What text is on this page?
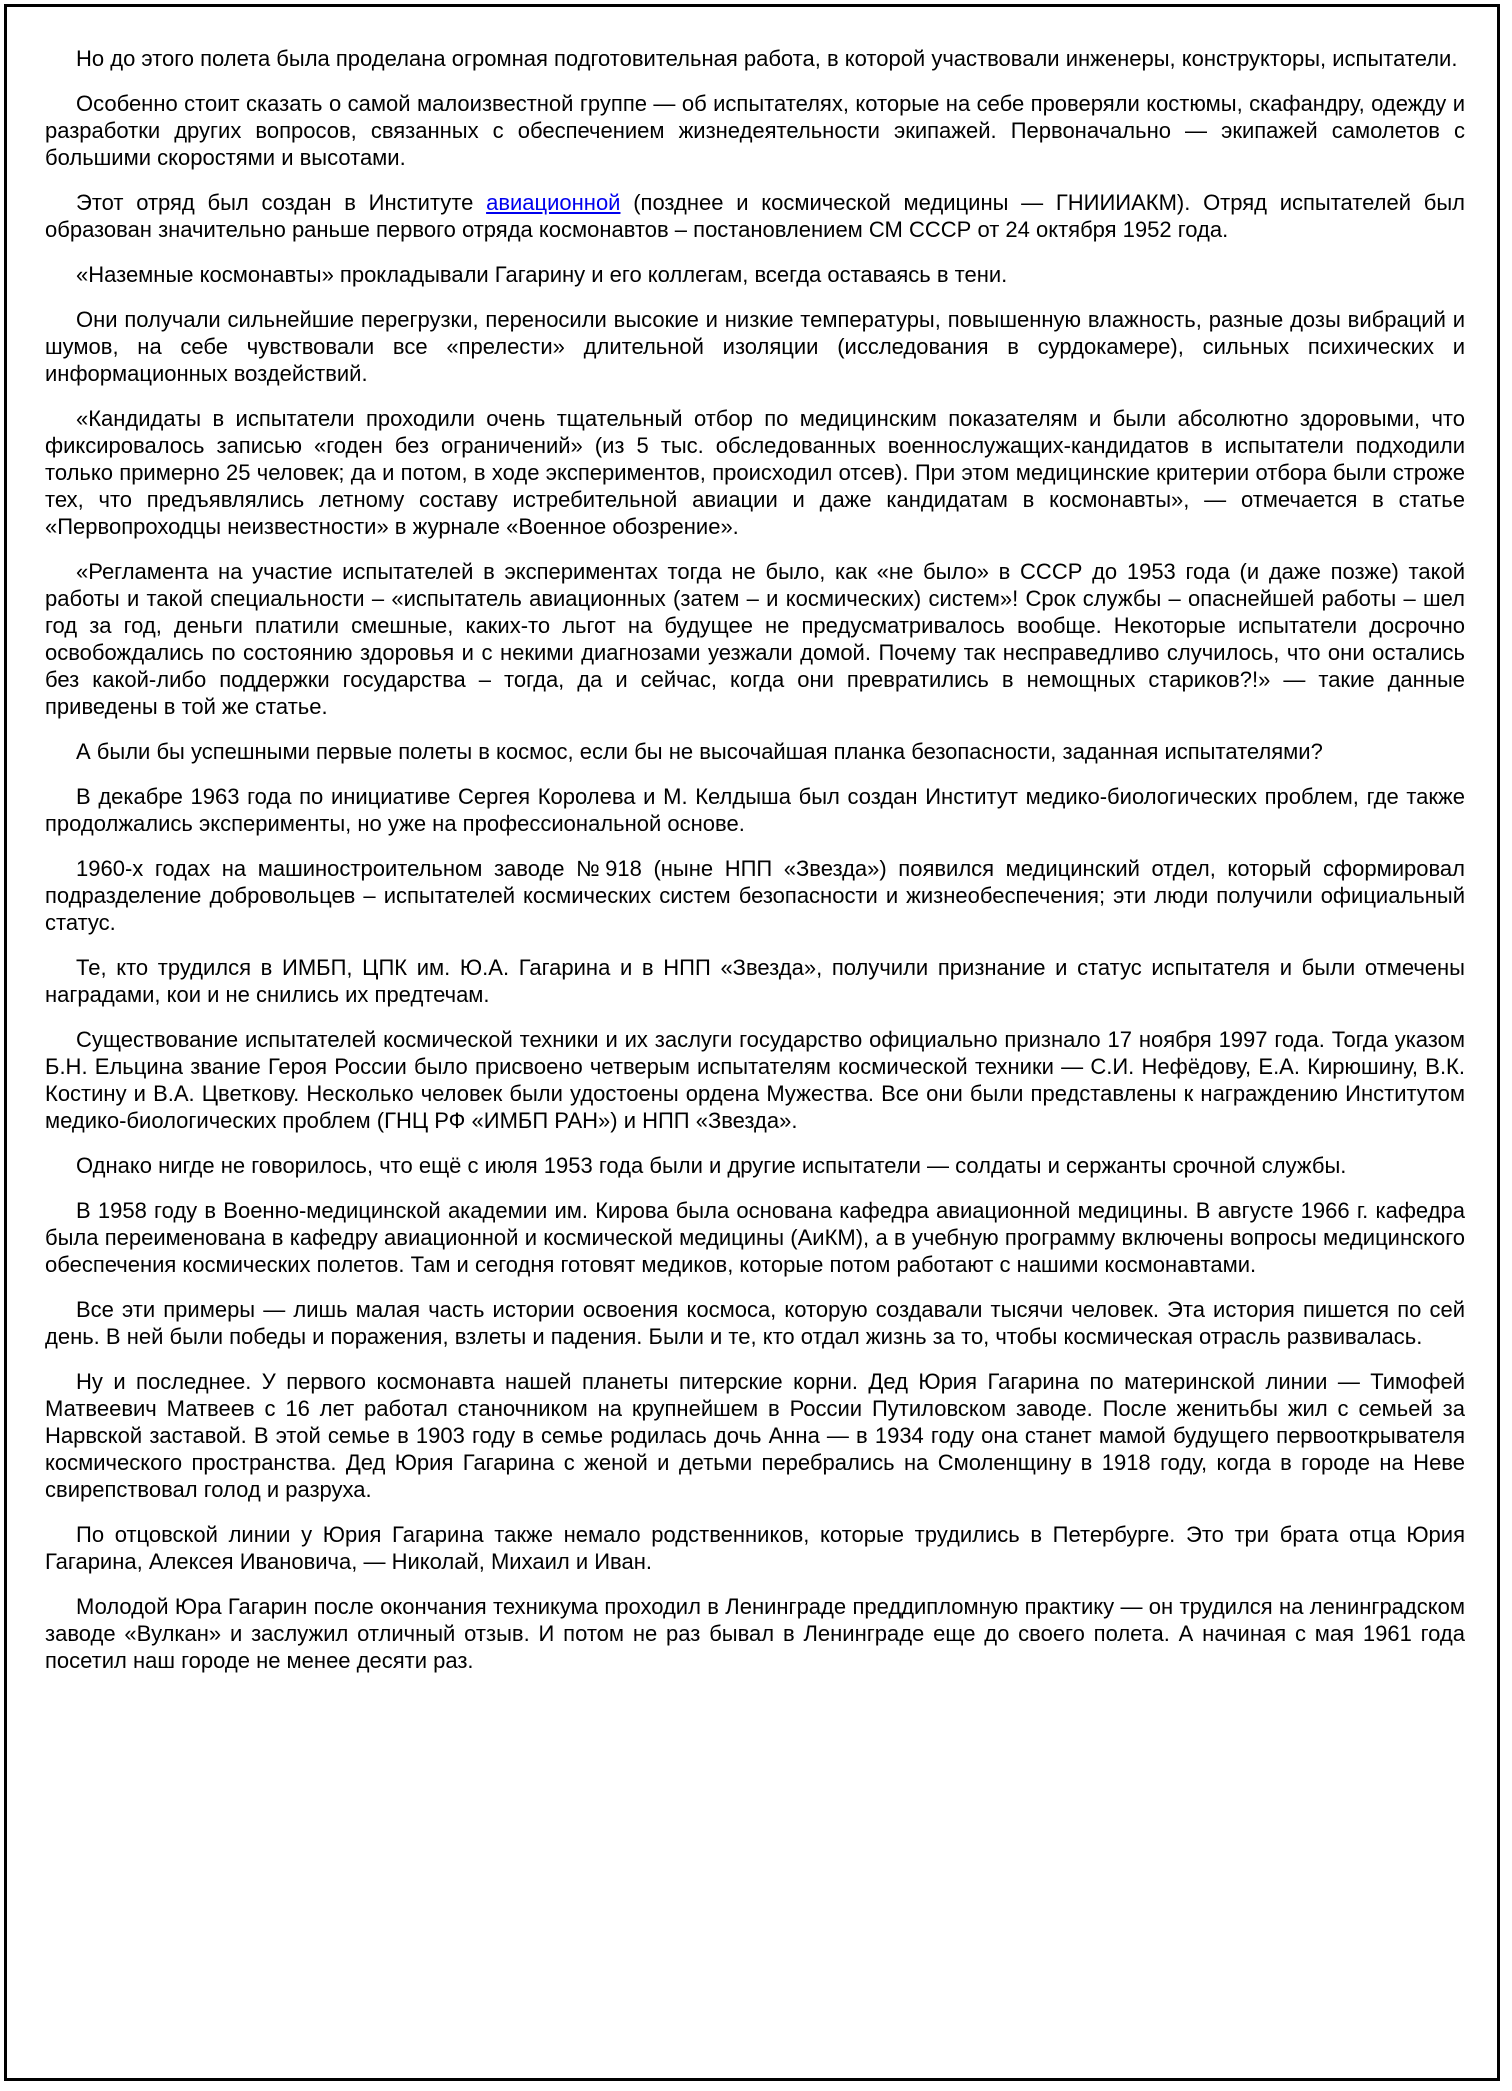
Но до этого полета была проделана огромная подготовительная работа, в которой участвовали инженеры, конструкторы, испытатели.

Особенно стоит сказать о самой малоизвестной группе — об испытателях, которые на себе проверяли костюмы, скафандру, одежду и разработки других вопросов, связанных с обеспечением жизнедеятельности экипажей. Первоначально — экипажей самолетов с большими скоростями и высотами.

Этот отряд был создан в Институте авиационной (позднее и космической медицины — ГНИИИАКМ). Отряд испытателей был образован значительно раньше первого отряда космонавтов – постановлением СМ СССР от 24 октября 1952 года.

«Наземные космонавты» прокладывали Гагарину и его коллегам, всегда оставаясь в тени.

Они получали сильнейшие перегрузки, переносили высокие и низкие температуры, повышенную влажность, разные дозы вибраций и шумов, на себе чувствовали все «прелести» длительной изоляции (исследования в сурдокамере), сильных психических и информационных воздействий.

«Кандидаты в испытатели проходили очень тщательный отбор по медицинским показателям и были абсолютно здоровыми, что фиксировалось записью «годен без ограничений» (из 5 тыс. обследованных военнослужащих-кандидатов в испытатели подходили только примерно 25 человек; да и потом, в ходе экспериментов, происходил отсев). При этом медицинские критерии отбора были строже тех, что предъявлялись летному составу истребительной авиации и даже кандидатам в космонавты», — отмечается в статье «Первопроходцы неизвестности» в журнале «Военное обозрение».

«Регламента на участие испытателей в экспериментах тогда не было, как «не было» в СССР до 1953 года (и даже позже) такой работы и такой специальности – «испытатель авиационных (затем – и космических) систем»! Срок службы – опаснейшей работы – шел год за год, деньги платили смешные, каких-то льгот на будущее не предусматривалось вообще. Некоторые испытатели досрочно освобождались по состоянию здоровья и с некими диагнозами уезжали домой. Почему так несправедливо случилось, что они остались без какой-либо поддержки государства – тогда, да и сейчас, когда они превратились в немощных стариков?!» — такие данные приведены в той же статье.

А были бы успешными первые полеты в космос, если бы не высочайшая планка безопасности, заданная испытателями?

В декабре 1963 года по инициативе Сергея Королева и М. Келдыша был создан Институт медико-биологических проблем, где также продолжались эксперименты, но уже на профессиональной основе.

1960-х годах на машиностроительном заводе №918 (ныне НПП «Звезда») появился медицинский отдел, который сформировал подразделение добровольцев – испытателей космических систем безопасности и жизнеобеспечения; эти люди получили официальный статус.

Те, кто трудился в ИМБП, ЦПК им. Ю.А. Гагарина и в НПП «Звезда», получили признание и статус испытателя и были отмечены наградами, кои и не снились их предтечам.

Существование испытателей космической техники и их заслуги государство официально признало 17 ноября 1997 года. Тогда указом Б.Н. Ельцина звание Героя России было присвоено четверым испытателям космической техники — С.И. Нефёдову, Е.А. Кирюшину, В.К. Костину и В.А. Цветкову. Несколько человек были удостоены ордена Мужества. Все они были представлены к награждению Институтом медико-биологических проблем (ГНЦ РФ «ИМБП РАН») и НПП «Звезда».

Однако нигде не говорилось, что ещё с июля 1953 года были и другие испытатели — солдаты и сержанты срочной службы.

В 1958 году в Военно-медицинской академии им. Кирова была основана кафедра авиационной медицины. В августе 1966 г. кафедра была переименована в кафедру авиационной и космической медицины (АиКМ), а в учебную программу включены вопросы медицинского обеспечения космических полетов. Там и сегодня готовят медиков, которые потом работают с нашими космонавтами.

Все эти примеры — лишь малая часть истории освоения космоса, которую создавали тысячи человек. Эта история пишется по сей день. В ней были победы и поражения, взлеты и падения. Были и те, кто отдал жизнь за то, чтобы космическая отрасль развивалась.

Ну и последнее. У первого космонавта нашей планеты питерские корни. Дед Юрия Гагарина по материнской линии — Тимофей Матвеевич Матвеев с 16 лет работал станочником на крупнейшем в России Путиловском заводе. После женитьбы жил с семьей за Нарвской заставой. В этой семье в 1903 году в семье родилась дочь Анна — в 1934 году она станет мамой будущего первооткрывателя космического пространства. Дед Юрия Гагарина с женой и детьми перебрались на Смоленщину в 1918 году, когда в городе на Неве свирепствовал голод и разруха.

По отцовской линии у Юрия Гагарина также немало родственников, которые трудились в Петербурге. Это три брата отца Юрия Гагарина, Алексея Ивановича, — Николай, Михаил и Иван.

Молодой Юра Гагарин после окончания техникума проходил в Ленинграде преддипломную практику — он трудился на ленинградском заводе «Вулкан» и заслужил отличный отзыв. И потом не раз бывал в Ленинграде еще до своего полета. А начиная с мая 1961 года посетил наш городе не менее десяти раз.
